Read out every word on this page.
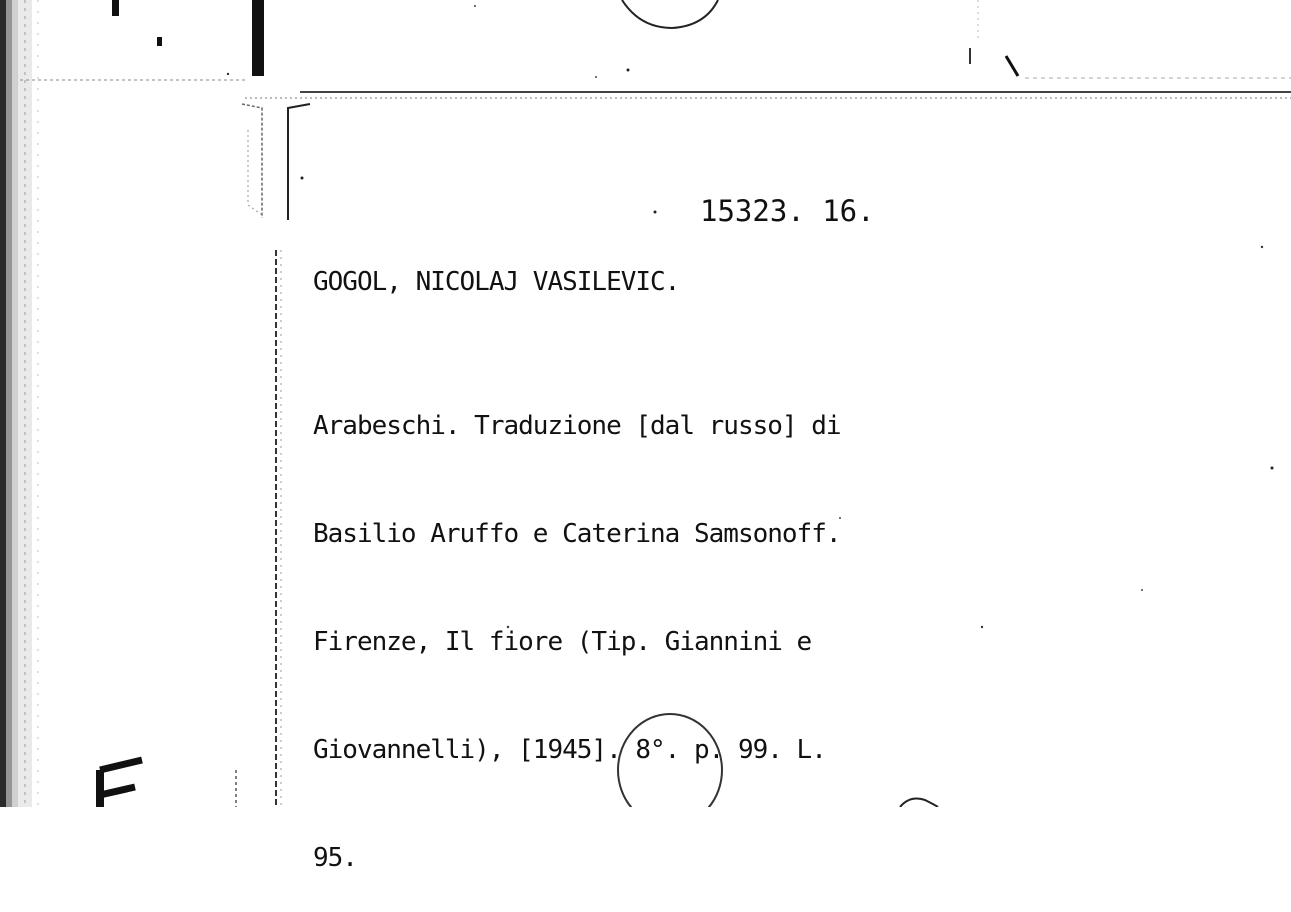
15323. 16.
GOGOL, NICOLAJ VASILEVIC.

Arabeschi. Traduzione [dal russo] di

Basilio Aruffo e Caterina Samsonoff.

Firenze, Il fiore (Tip. Giannini e

Giovannelli), [1945]. 8°. p. 99. L.

95.
